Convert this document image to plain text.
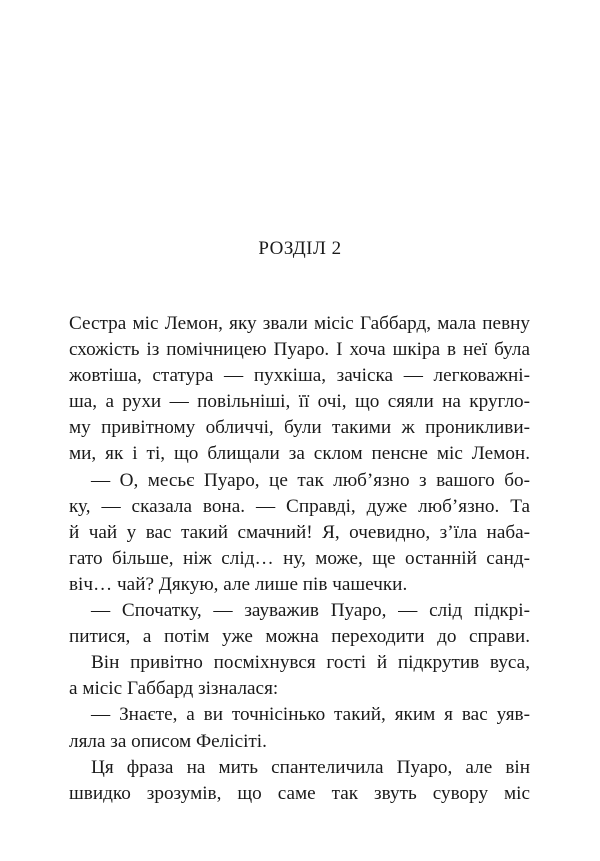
РОЗДІЛ 2
Сестра міс Лемон, яку звали місіс Габбард, мала певну
схожість із помічницею Пуаро. І хоча шкіра в неї була
жовтіша, статура — пухкіша, зачіска — легковажні-
ша, а рухи — повільніші, її очі, що сяяли на кругло-
му привітному обличчі, були такими ж проникливи-
ми, як і ті, що блищали за склом пенсне міс Лемон.
— О, месьє Пуаро, це так люб’язно з вашого бо-
ку, — сказала вона. — Справді, дуже люб’язно. Та
й чай у вас такий смачний! Я, очевидно, з’їла наба-
гато більше, ніж слід… ну, може, ще останній санд-
віч… чай? Дякую, але лише пів чашечки.
— Спочатку, — зауважив Пуаро, — слід підкрі-
питися, а потім уже можна переходити до справи.
Він привітно посміхнувся гості й підкрутив вуса,
а місіс Габбард зізналася:
— Знаєте, а ви точнісінько такий, яким я вас уяв-
ляла за описом Фелісіті.
Ця фраза на мить спантеличила Пуаро, але він
швидко зрозумів, що саме так звуть сувору міс
